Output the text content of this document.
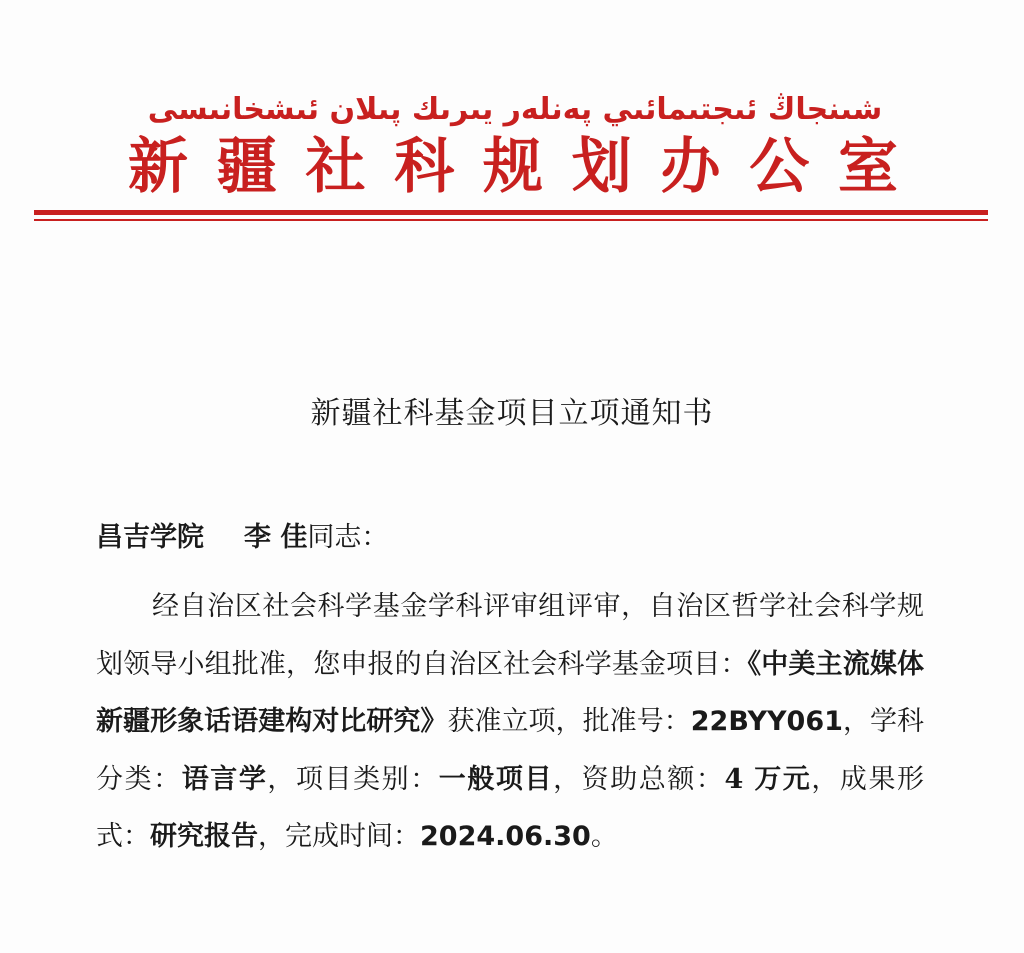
شىنجاڭ ئىجتىمائىي پەنلەر يىرىك پىلان ئىشخانىسى
新疆社科规划办公室
新疆社科基金项目立项通知书
昌吉学院 李 佳同志：

经自治区社会科学基金学科评审组评审，自治区哲学社会科学规划领导小组批准，您申报的自治区社会科学基金项目：《中美主流媒体新疆形象话语建构对比研究》获准立项，批准号：22BYY061，学科分类：语言学，项目类别：一般项目，资助总额：4 万元，成果形式：研究报告，完成时间：2024.06.30。
